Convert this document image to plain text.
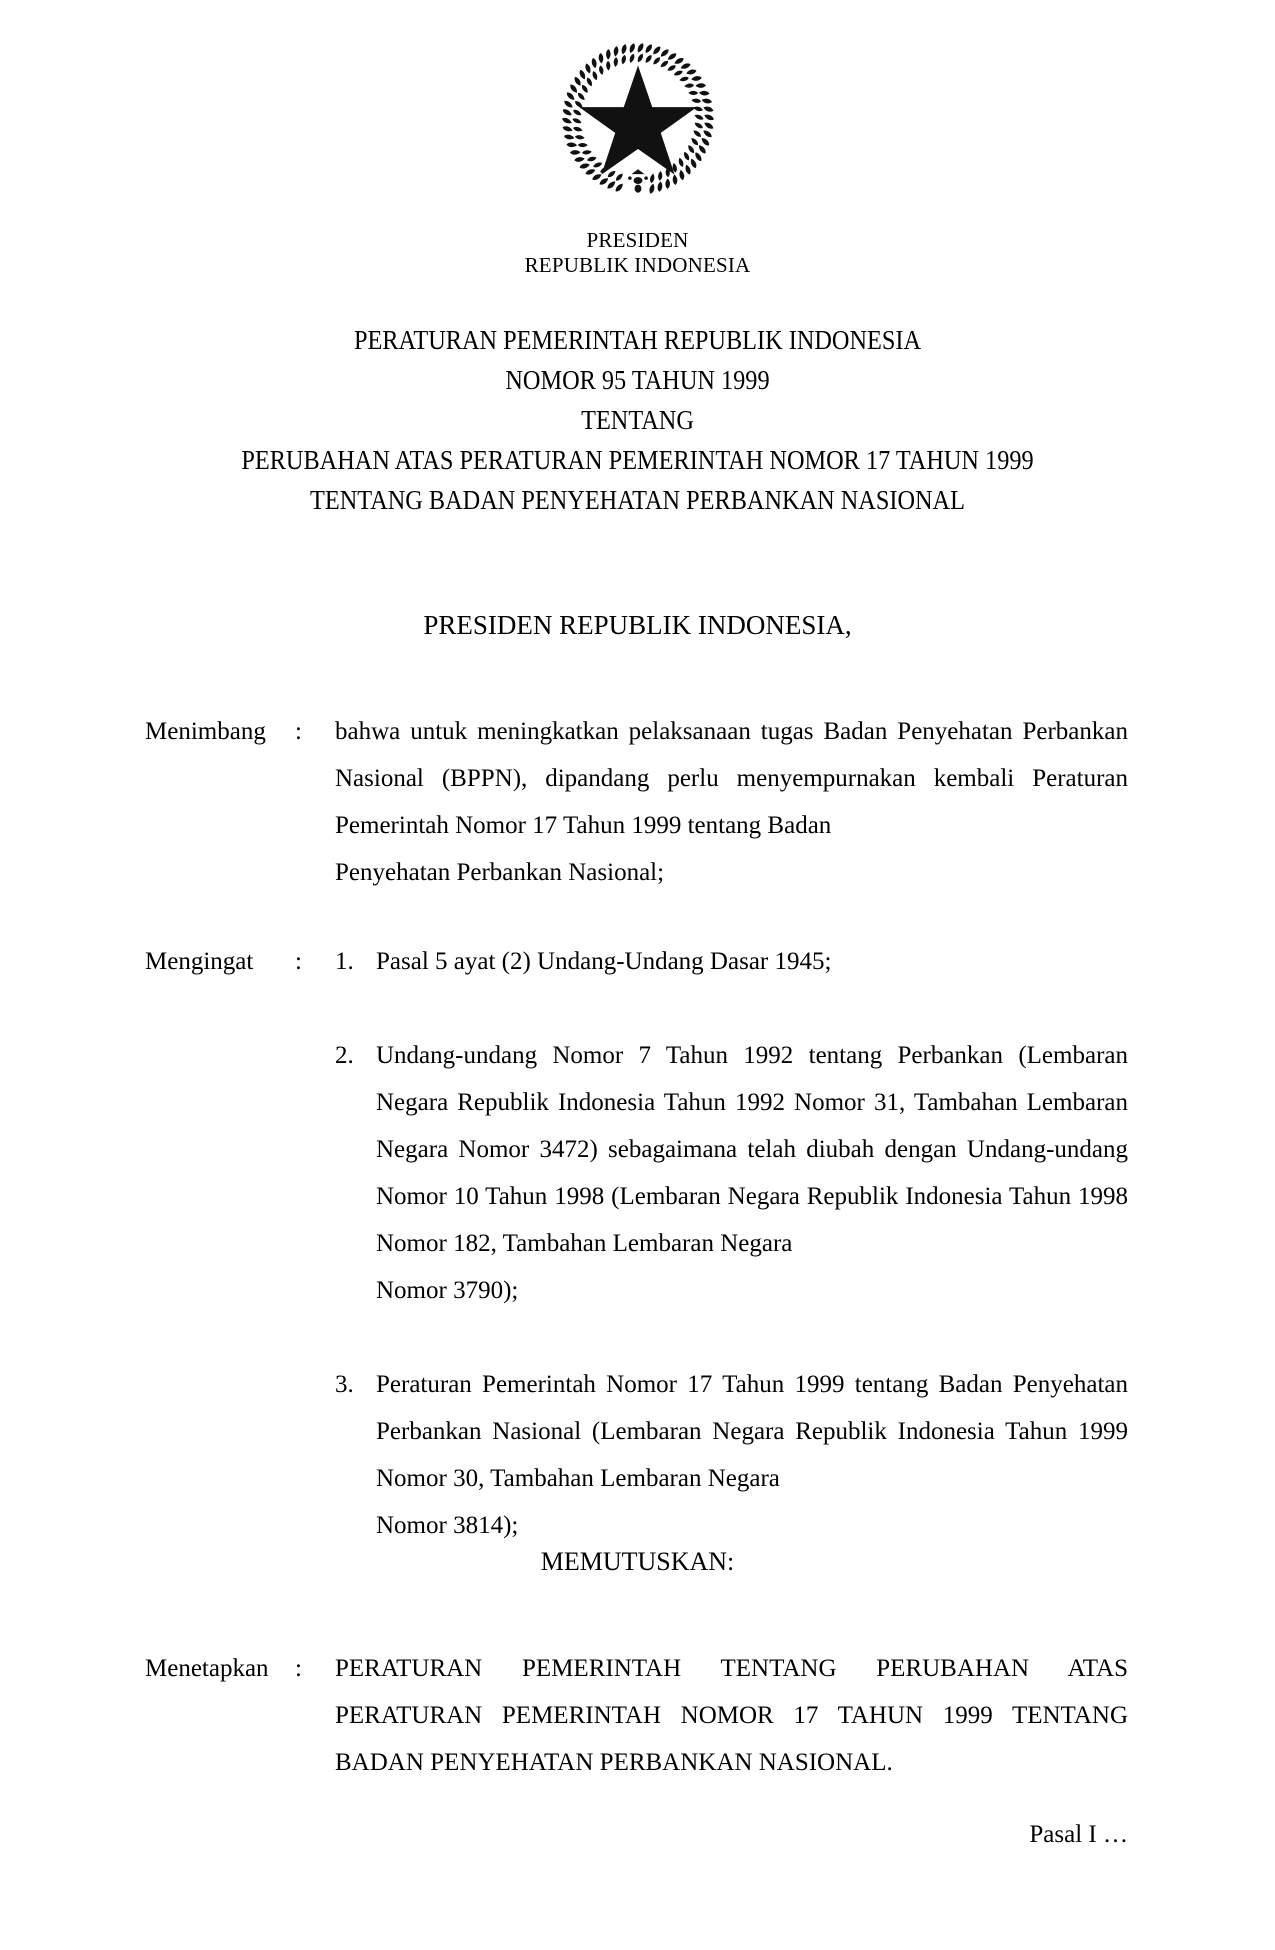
PRESIDEN
REPUBLIK INDONESIA
PERATURAN PEMERINTAH REPUBLIK INDONESIA
NOMOR 95 TAHUN 1999
TENTANG
PERUBAHAN ATAS PERATURAN PEMERINTAH NOMOR 17 TAHUN 1999
TENTANG BADAN PENYEHATAN PERBANKAN NASIONAL
PRESIDEN REPUBLIK INDONESIA,
Menimbang	:	bahwa untuk meningkatkan pelaksanaan tugas Badan Penyehatan Perbankan Nasional (BPPN), dipandang perlu menyempurnakan kembali Peraturan Pemerintah Nomor 17 Tahun 1999 tentang Badan

Penyehatan Perbankan Nasional;

Mengingat	:	1. Pasal 5 ayat (2) Undang-Undang Dasar 1945;
2. Undang-undang Nomor 7 Tahun 1992 tentang Perbankan (Lembaran Negara Republik Indonesia Tahun 1992 Nomor 31, Tambahan Lembaran Negara Nomor 3472) sebagaimana telah diubah dengan Undang-undang Nomor 10 Tahun 1998 (Lembaran Negara Republik Indonesia Tahun 1998 Nomor 182, Tambahan Lembaran Negara
Nomor 3790);
3. Peraturan Pemerintah Nomor 17 Tahun 1999 tentang Badan Penyehatan Perbankan Nasional (Lembaran Negara Republik Indonesia Tahun 1999 Nomor 30, Tambahan Lembaran Negara
Nomor 3814);
MEMUTUSKAN:
Menetapkan	:	PERATURAN PEMERINTAH TENTANG PERUBAHAN ATAS
PERATURAN PEMERINTAH NOMOR 17 TAHUN 1999 TENTANG
BADAN PENYEHATAN PERBANKAN NASIONAL.
Pasal I …
